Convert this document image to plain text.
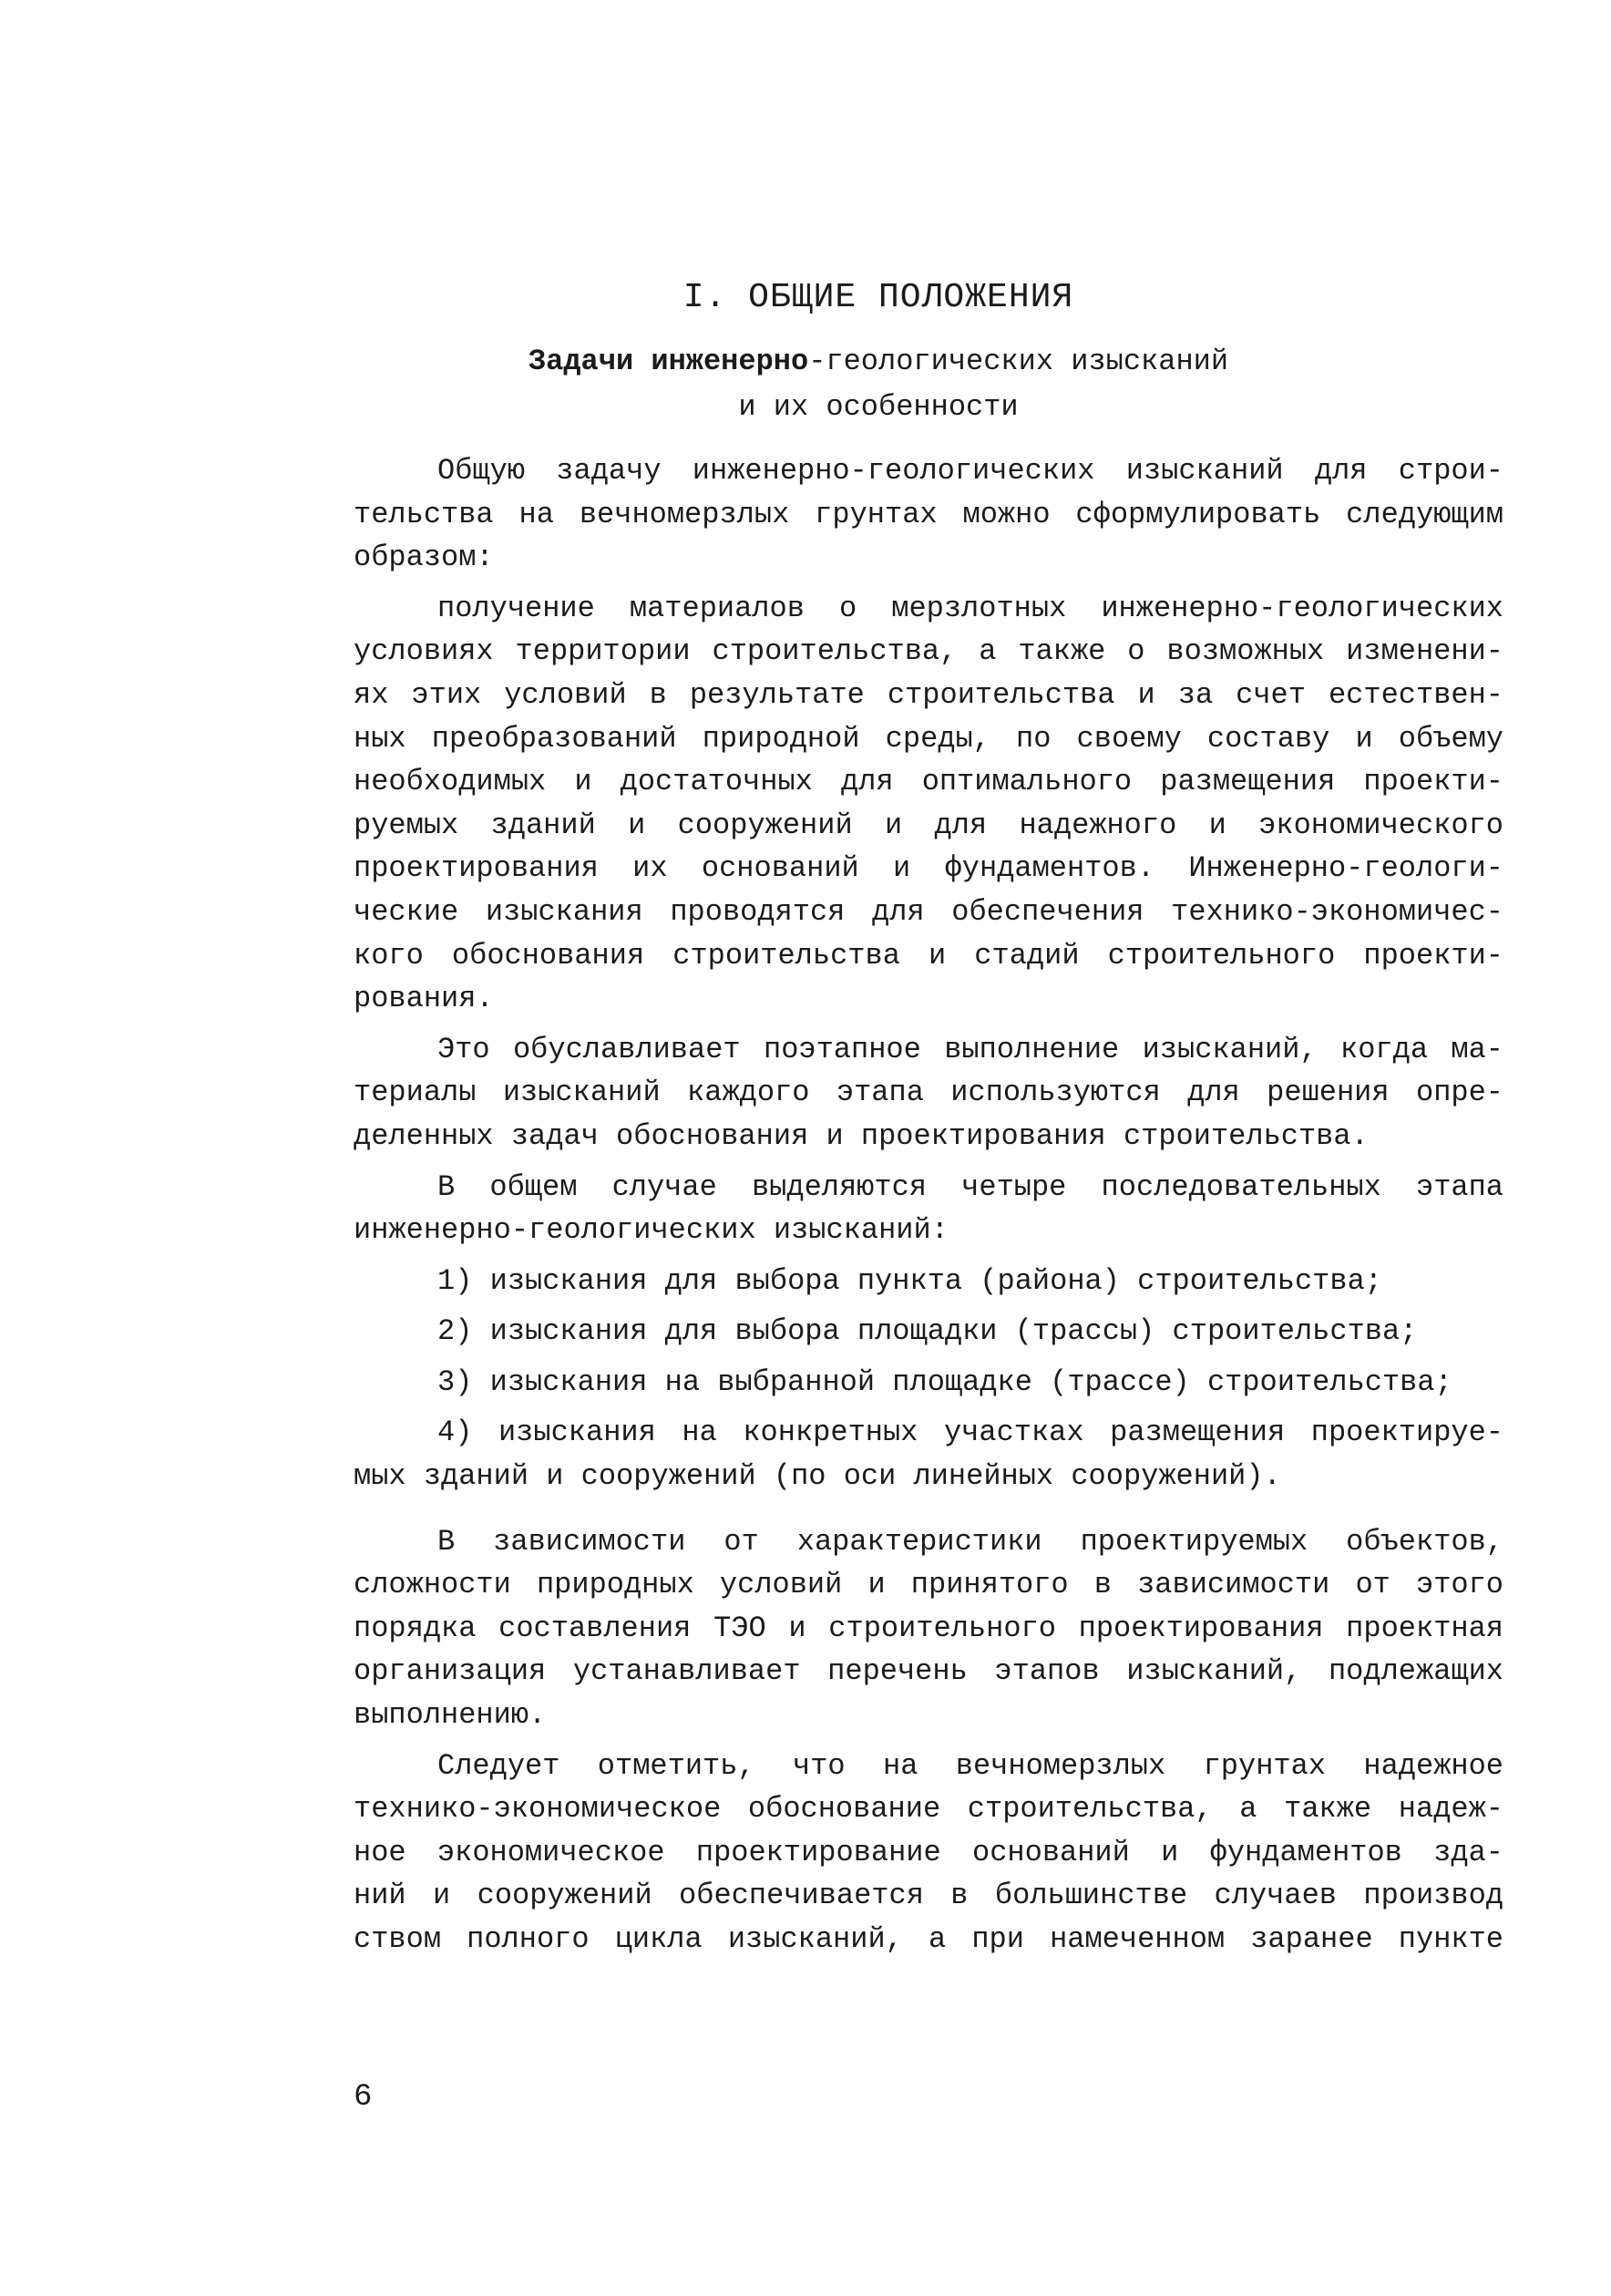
I. ОБЩИЕ ПОЛОЖЕНИЯ
Задачи инженерно-геологических изысканий
и их особенности
Общую задачу инженерно-геологических изысканий для строи-
тельства на вечномерзлых грунтах можно сформулировать следующим
образом:
получение материалов о мерзлотных инженерно-геологических
условиях территории строительства, а также о возможных изменени-
ях этих условий в результате строительства и за счет естествен-
ных преобразований природной среды, по своему составу и объему
необходимых и достаточных для оптимального размещения проекти-
руемых зданий и сооружений и для надежного и экономического
проектирования их оснований и фундаментов. Инженерно-геологи-
ческие изыскания проводятся для обеспечения технико-экономичес-
кого обоснования строительства и стадий строительного проекти-
рования.
Это обуславливает поэтапное выполнение изысканий, когда ма-
териалы изысканий каждого этапа используются для решения опре-
деленных задач обоснования и проектирования строительства.
В общем случае выделяются четыре последовательных этапа
инженерно-геологических изысканий:
1) изыскания для выбора пункта (района) строительства;
2) изыскания для выбора площадки (трассы) строительства;
3) изыскания на выбранной площадке (трассе) строительства;
4) изыскания на конкретных участках размещения проектируе-
мых зданий и сооружений (по оси линейных сооружений).
В зависимости от характеристики проектируемых объектов,
сложности природных условий и принятого в зависимости от этого
порядка составления ТЭО и строительного проектирования проектная
организация устанавливает перечень этапов изысканий, подлежащих
выполнению.
Следует отметить, что на вечномерзлых грунтах надежное
технико-экономическое обоснование строительства, а также надеж-
ное экономическое проектирование оснований и фундаментов зда-
ний и сооружений обеспечивается в большинстве случаев производ
ством полного цикла изысканий, а при намеченном заранее пункте
6
